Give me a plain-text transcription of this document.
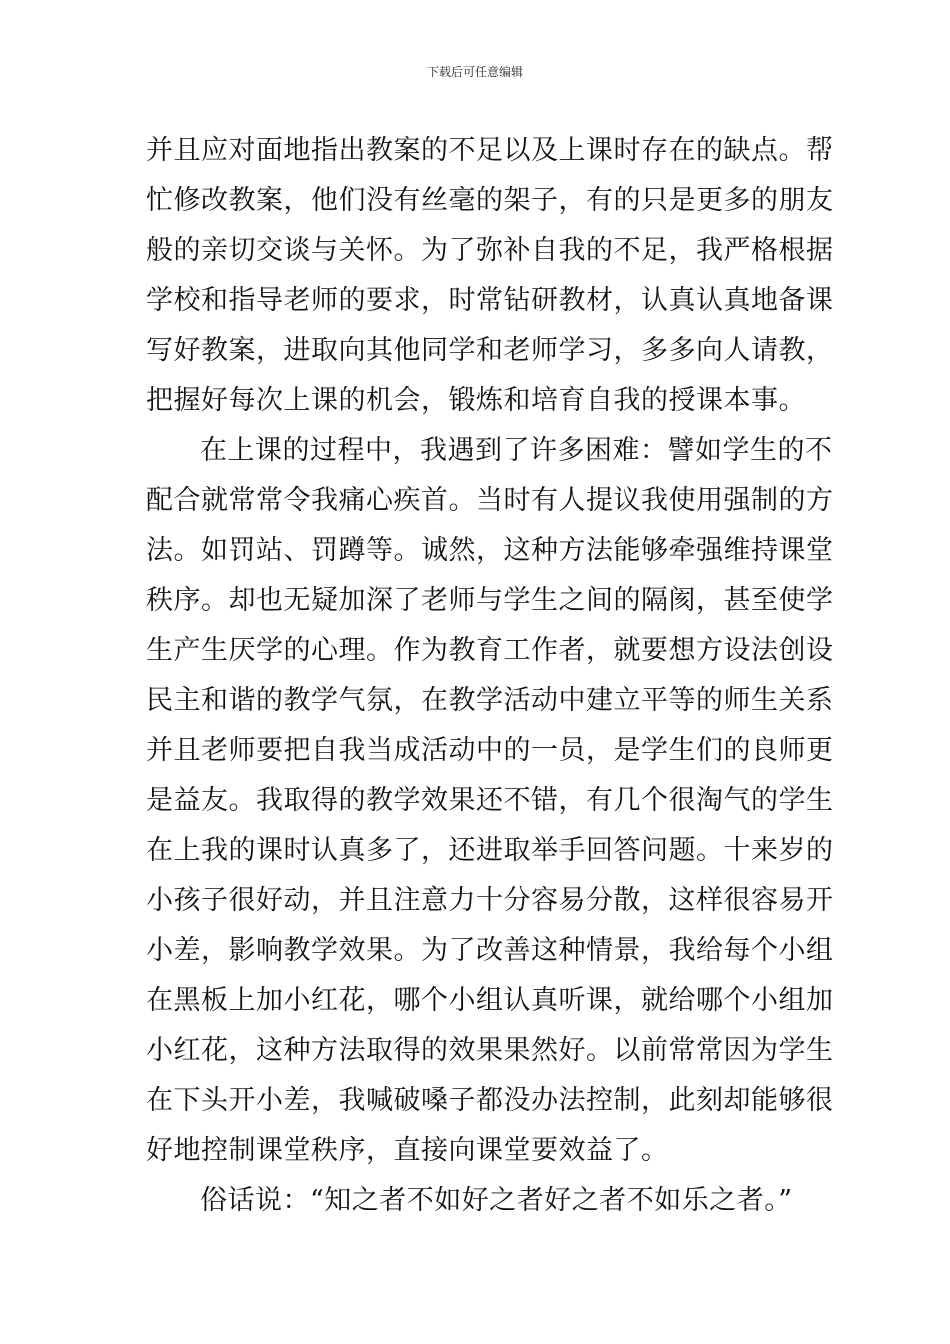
下载后可任意编辑
并且应对面地指出教案的不足以及上课时存在的缺点。帮
忙修改教案，他们没有丝毫的架子，有的只是更多的朋友
般的亲切交谈与关怀。为了弥补自我的不足，我严格根据
学校和指导老师的要求，时常钻研教材，认真认真地备课
写好教案，进取向其他同学和老师学习，多多向人请教，
把握好每次上课的机会，锻炼和培育自我的授课本事。
在上课的过程中，我遇到了许多困难：譬如学生的不
配合就常常令我痛心疾首。当时有人提议我使用强制的方
法。如罚站、罚蹲等。诚然，这种方法能够牵强维持课堂
秩序。却也无疑加深了老师与学生之间的隔阂，甚至使学
生产生厌学的心理。作为教育工作者，就要想方设法创设
民主和谐的教学气氛，在教学活动中建立平等的师生关系
并且老师要把自我当成活动中的一员，是学生们的良师更
是益友。我取得的教学效果还不错，有几个很淘气的学生
在上我的课时认真多了，还进取举手回答问题。十来岁的
小孩子很好动，并且注意力十分容易分散，这样很容易开
小差，影响教学效果。为了改善这种情景，我给每个小组
在黑板上加小红花，哪个小组认真听课，就给哪个小组加
小红花，这种方法取得的效果果然好。以前常常因为学生
在下头开小差，我喊破嗓子都没办法控制，此刻却能够很
好地控制课堂秩序，直接向课堂要效益了。
俗话说：“知之者不如好之者好之者不如乐之者。”
